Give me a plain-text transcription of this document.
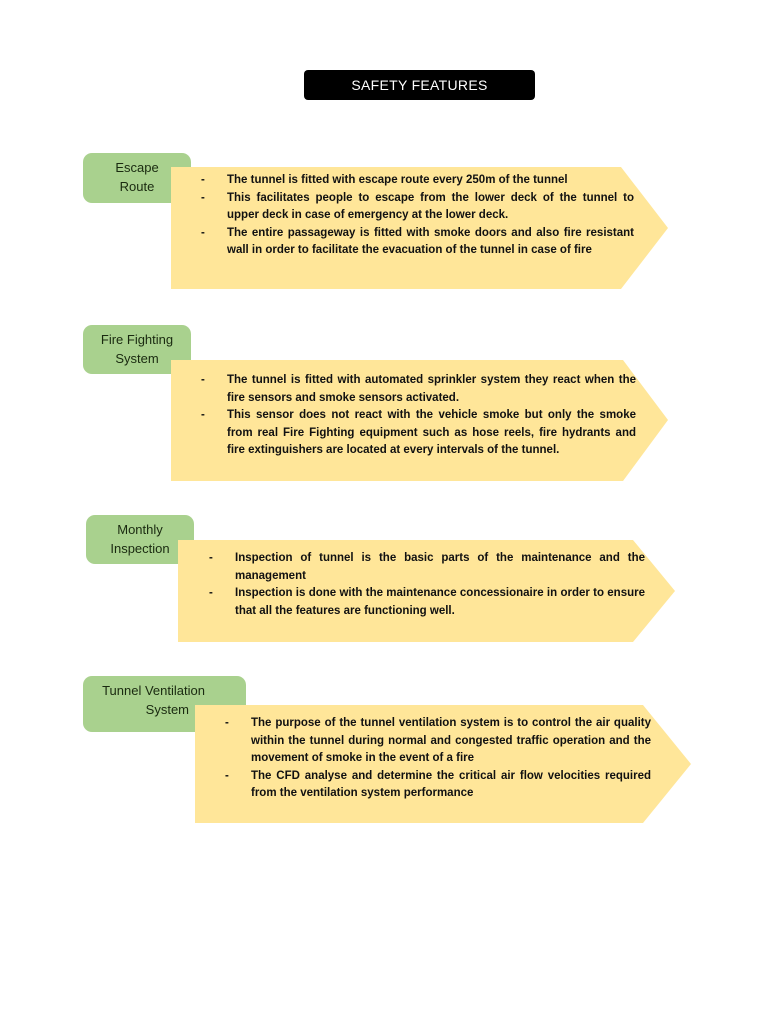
SAFETY FEATURES
Escape
Route	- The tunnel is fitted with escape route every 250m of the tunnel
- This facilitates people to escape from the lower deck of the tunnel to upper deck in case of emergency at the lower deck.
- The entire passageway is fitted with smoke doors and also fire resistant wall in order to facilitate the evacuation of the tunnel in case of fire
Fire Fighting
System
- The tunnel is fitted with automated sprinkler system they react when the fire sensors and smoke sensors activated.
- This sensor does not react with the vehicle smoke but only the smoke from real Fire Fighting equipment such as hose reels, fire hydrants and fire extinguishers are located at every intervals of the tunnel.
Monthly
Inspection
- Inspection of tunnel is the basic parts of the maintenance and the management
- Inspection is done with the maintenance concessionaire in order to ensure that all the features are functioning well.
Tunnel Ventilation
System
- The purpose of the tunnel ventilation system is to control the air quality within the tunnel during normal and congested traffic operation and the movement of smoke in the event of a fire
- The CFD analyse and determine the critical air flow velocities required from the ventilation system performance
